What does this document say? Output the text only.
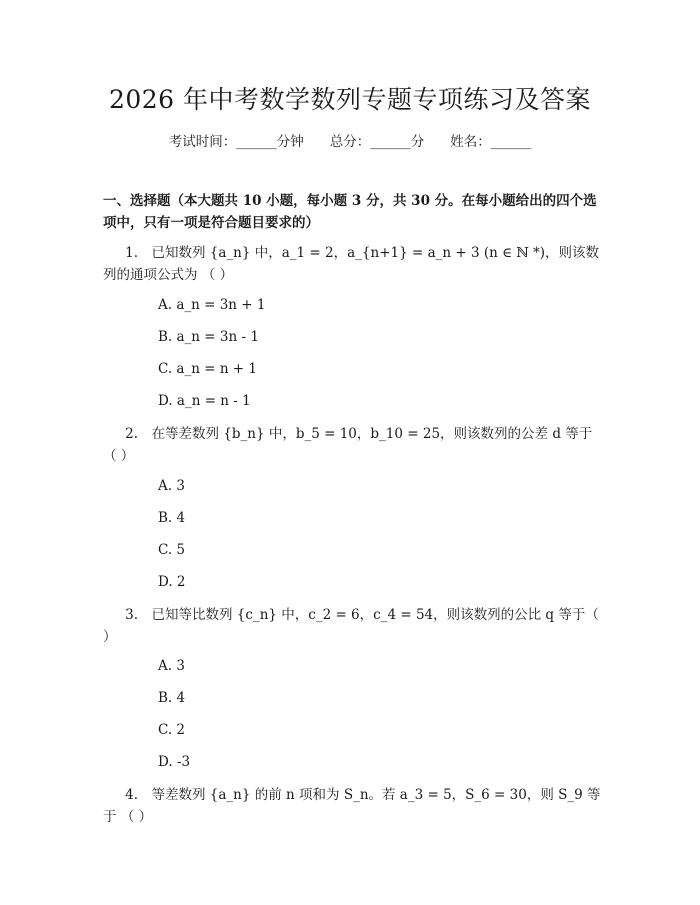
2026 年中考数学数列专题专项练习及答案
考试时间：______分钟 总分：______分 姓名：______
一、选择题（本大题共 10 小题，每小题 3 分，共 30 分。在每小题给出的四个选项中，只有一项是符合题目要求的）
1.　 已知数列 {a_n} 中，a_1 = 2，a_{n+1} = a_n + 3 (n ∈ ℕ *)，则该数列的通项公式为 （ ）
A. a_n = 3n + 1
B. a_n = 3n - 1
C. a_n = n + 1
D. a_n = n - 1
2.　 在等差数列 {b_n} 中，b_5 = 10，b_10 = 25，则该数列的公差 d 等于（ ）
A. 3
B. 4
C. 5
D. 2
3.　 已知等比数列 {c_n} 中，c_2 = 6，c_4 = 54，则该数列的公比 q 等于（ ）
A. 3
B. 4
C. 2
D. -3
4.　 等差数列 {a_n} 的前 n 项和为 S_n。若 a_3 = 5，S_6 = 30，则 S_9 等于 （ ）
